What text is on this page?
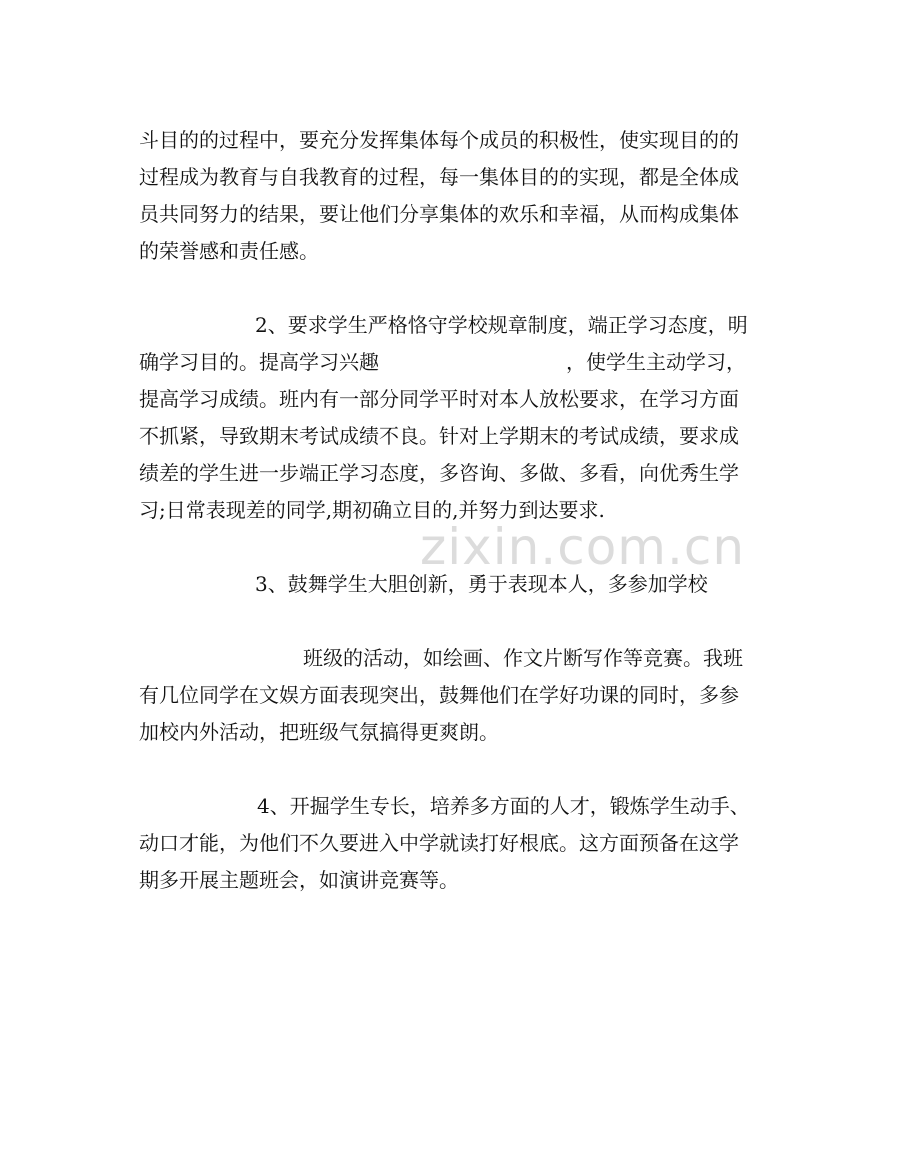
斗目的的过程中，要充分发挥集体每个成员的积极性，使实现目的的

过程成为教育与自我教育的过程，每一集体目的的实现，都是全体成

员共同努力的结果，要让他们分享集体的欢乐和幸福，从而构成集体

的荣誉感和责任感。

2、要求学生严格恪守学校规章制度，端正学习态度，明

确学习目的。提高学习兴趣	，使学生主动学习，

提高学习成绩。班内有一部分同学平时对本人放松要求，在学习方面

不抓紧，导致期末考试成绩不良。针对上学期末的考试成绩，要求成

绩差的学生进一步端正学习态度，多咨询、多做、多看，向优秀生学

习;日常表现差的同学,期初确立目的,并努力到达要求.

3、鼓舞学生大胆创新，勇于表现本人，多参加学校

班级的活动，如绘画、作文片断写作等竞赛。我班

有几位同学在文娱方面表现突出，鼓舞他们在学好功课的同时，多参

加校内外活动，把班级气氛搞得更爽朗。

4、开掘学生专长，培养多方面的人才，锻炼学生动手、

动口才能，为他们不久要进入中学就读打好根底。这方面预备在这学

期多开展主题班会，如演讲竞赛等。

zixin.com.cn
